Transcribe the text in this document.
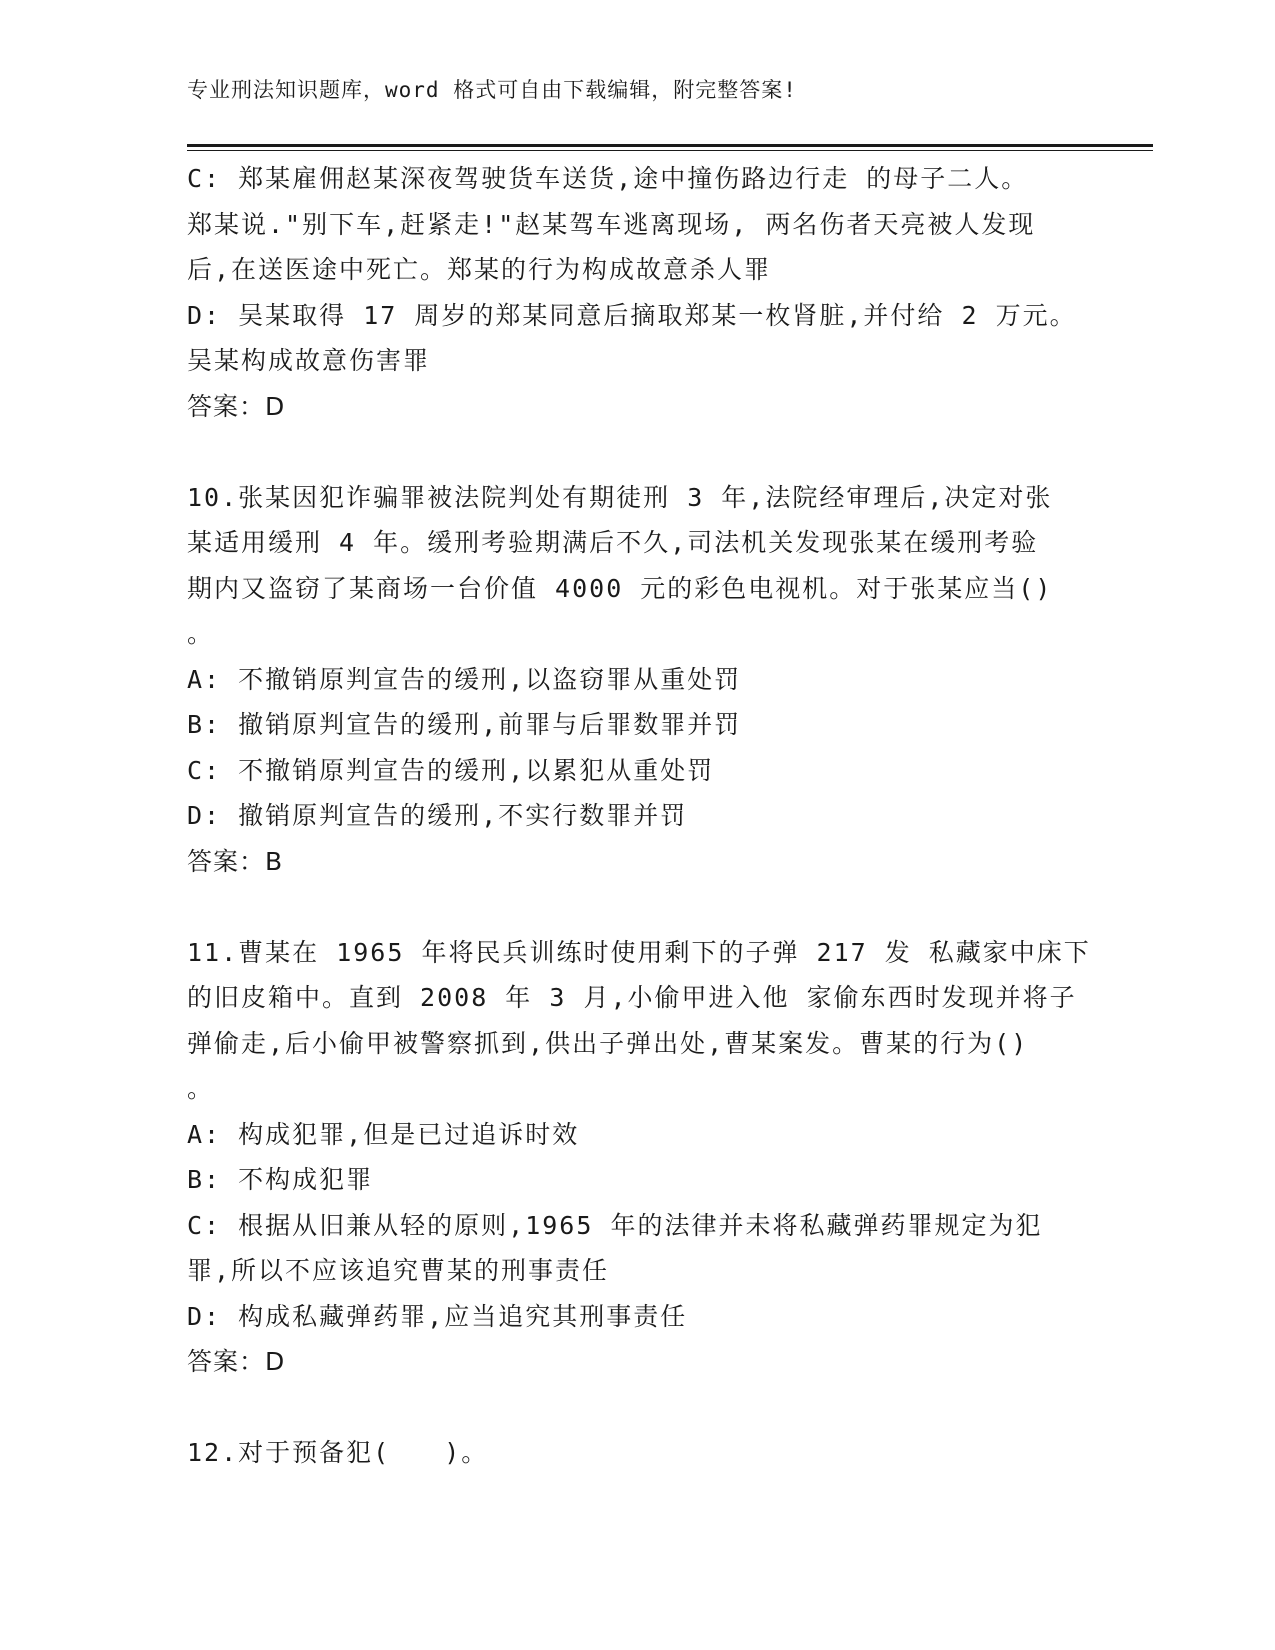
专业刑法知识题库，word 格式可自由下载编辑，附完整答案!
C: 郑某雇佣赵某深夜驾驶货车送货,途中撞伤路边行走 的母子二人。
郑某说."别下车,赶紧走!"赵某驾车逃离现场, 两名伤者天亮被人发现
后,在送医途中死亡。郑某的行为构成故意杀人罪
D: 吴某取得 17 周岁的郑某同意后摘取郑某一枚肾脏,并付给 2 万元。
吴某构成故意伤害罪
答案：D
10.张某因犯诈骗罪被法院判处有期徒刑 3 年,法院经审理后,决定对张
某适用缓刑 4 年。缓刑考验期满后不久,司法机关发现张某在缓刑考验
期内又盗窃了某商场一台价值 4000 元的彩色电视机。对于张某应当()
。
A: 不撤销原判宣告的缓刑,以盗窃罪从重处罚
B: 撤销原判宣告的缓刑,前罪与后罪数罪并罚
C: 不撤销原判宣告的缓刑,以累犯从重处罚
D: 撤销原判宣告的缓刑,不实行数罪并罚
答案：B
11.曹某在 1965 年将民兵训练时使用剩下的子弹 217 发 私藏家中床下
的旧皮箱中。直到 2008 年 3 月,小偷甲进入他 家偷东西时发现并将子
弹偷走,后小偷甲被警察抓到,供出子弹出处,曹某案发。曹某的行为()
。
A: 构成犯罪,但是已过追诉时效
B: 不构成犯罪
C: 根据从旧兼从轻的原则,1965 年的法律并未将私藏弹药罪规定为犯
罪,所以不应该追究曹某的刑事责任
D: 构成私藏弹药罪,应当追究其刑事责任
答案：D
12.对于预备犯(　　)。
